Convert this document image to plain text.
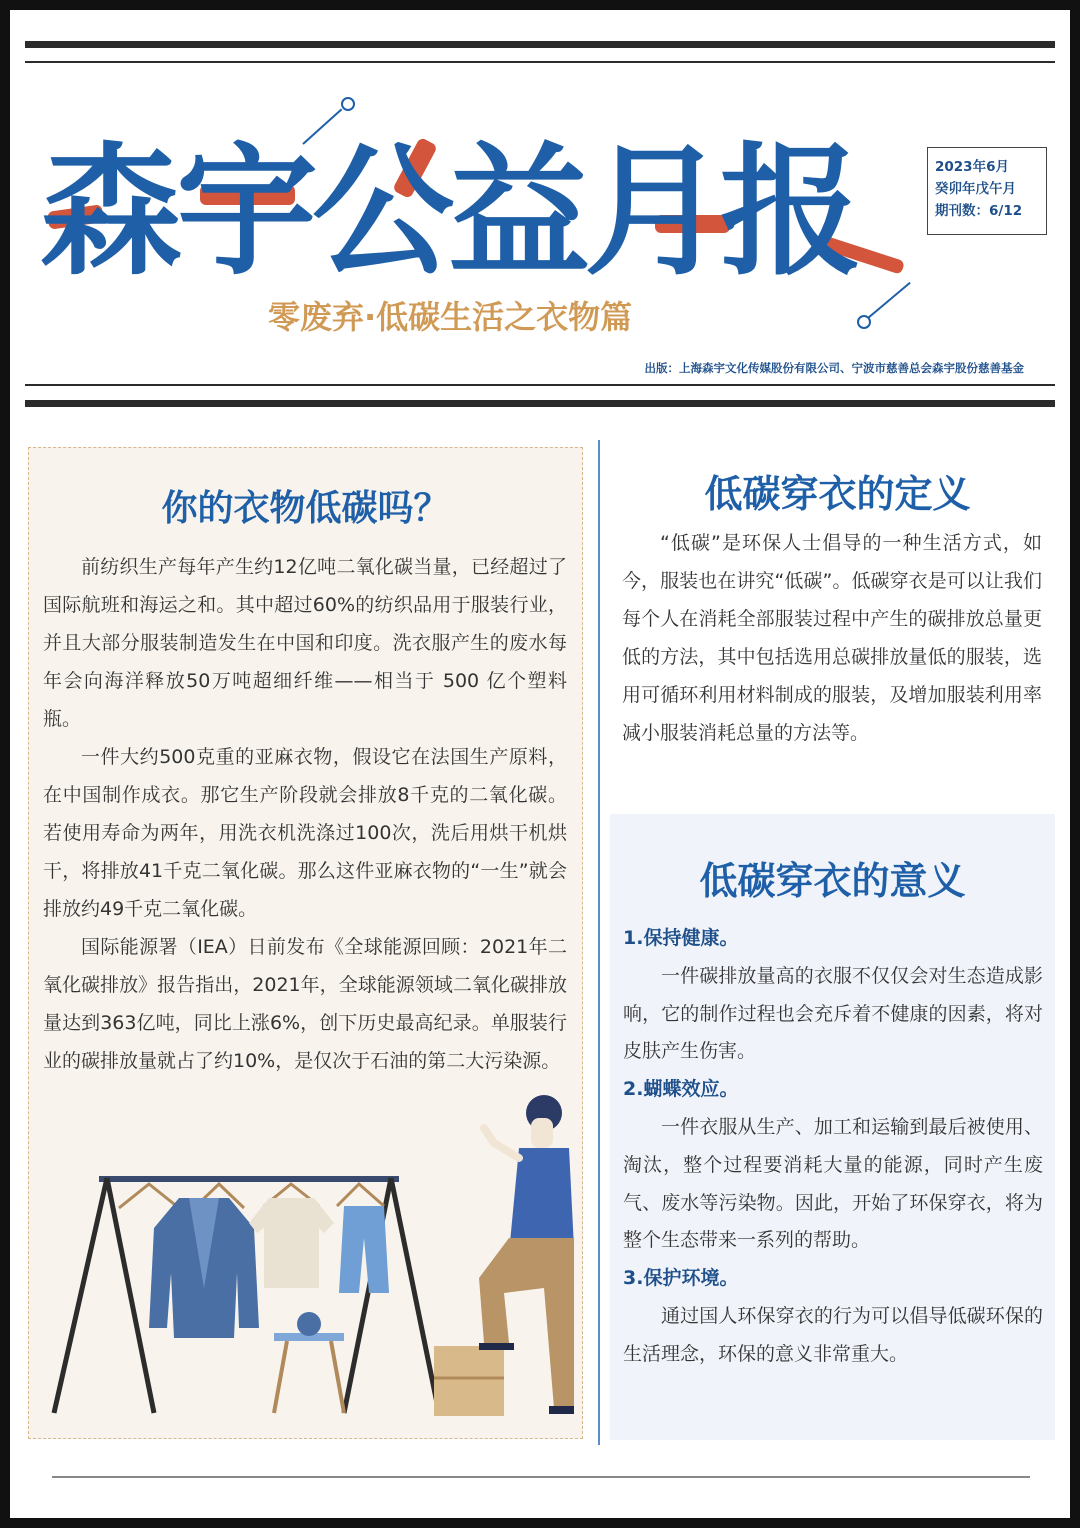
森宇公益月报	2023年6月
癸卯年戊午月
期刊数：6/12
零废弃·低碳生活之衣物篇
出版：上海森宇文化传媒股份有限公司、宁波市慈善总会森宇股份慈善基金
你的衣物低碳吗？

前纺织生产每年产生约12亿吨二氧化碳当量，已经超过了国际航班和海运之和。其中超过60%的纺织品用于服装行业，并且大部分服装制造发生在中国和印度。洗衣服产生的废水每年会向海洋释放50万吨超细纤维——相当于 500 亿个塑料瓶。

一件大约500克重的亚麻衣物，假设它在法国生产原料，在中国制作成衣。那它生产阶段就会排放8千克的二氧化碳。若使用寿命为两年，用洗衣机洗涤过100次，洗后用烘干机烘干，将排放41千克二氧化碳。那么这件亚麻衣物的“一生”就会排放约49千克二氧化碳。

国际能源署（IEA）日前发布《全球能源回顾：2021年二氧化碳排放》报告指出，2021年，全球能源领域二氧化碳排放量达到363亿吨，同比上涨6%，创下历史最高纪录。单服装行业的碳排放量就占了约10%，是仅次于石油的第二大污染源。

低碳穿衣的定义

“低碳”是环保人士倡导的一种生活方式，如今，服装也在讲究“低碳”。低碳穿衣是可以让我们每个人在消耗全部服装过程中产生的碳排放总量更低的方法，其中包括选用总碳排放量低的服装，选用可循环利用材料制成的服装，及增加服装利用率减小服装消耗总量的方法等。

低碳穿衣的意义
1.保持健康。

一件碳排放量高的衣服不仅仅会对生态造成影响，它的制作过程也会充斥着不健康的因素，将对皮肤产生伤害。

2.蝴蝶效应。

一件衣服从生产、加工和运输到最后被使用、淘汰，整个过程要消耗大量的能源，同时产生废气、废水等污染物。因此，开始了环保穿衣，将为整个生态带来一系列的帮助。

3.保护环境。

通过国人环保穿衣的行为可以倡导低碳环保的生活理念，环保的意义非常重大。
